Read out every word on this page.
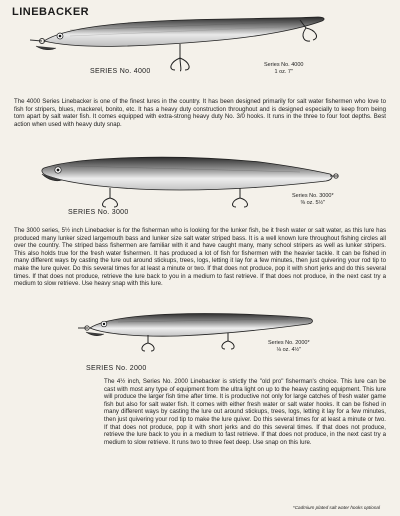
LINEBACKER
SERIES No. 4000
Series No. 4000
1 oz. 7"

The 4000 Series Linebacker is one of the finest lures in the country. It has been designed primarily for salt water fishermen who love to fish for stripers, blues, mackerel, bonito, etc. It has a heavy duty construction throughout and is designed especially to keep from being torn apart by salt water fish. It comes equipped with extra-strong heavy duty No. 3/0 hooks. It runs in the three to four foot depths. Best action when used with heavy duty snap.

SERIES No. 3000
Series No. 3000*
⅜ oz. 5½"

The 3000 series, 5½ inch Linebacker is for the fisherman who is looking for the lunker fish, be it fresh water or salt water, as this lure has produced many lunker sized largemouth bass and lunker size salt water striped bass. It is a well known lure throughout fishing circles all over the country. The striped bass fishermen are familiar with it and have caught many, many school stripers as well as lunker stripers. This also holds true for the fresh water fishermen. It has produced a lot of fish for fishermen with the heavier tackle. It can be fished in many different ways by casting the lure out around stickups, trees, logs, letting it lay for a few minutes, then just quivering your rod tip to make the lure quiver. Do this several times for at least a minute or two. If that does not produce, pop it with short jerks and do this several times. If that does not produce, retrieve the lure back to you in a medium to fast retrieve. If that does not produce, in the next cast try a medium to slow retrieve. Use heavy snap with this lure.

SERIES No. 2000
Series No. 2000*
⅛ oz. 4½"

The 4½ inch, Series No. 2000 Linebacker is strictly the "old pro" fisherman's choice. This lure can be cast with most any type of equipment from the ultra light on up to the heavy casting equipment. This lure will produce the larger fish time after time. It is productive not only for large catches of fresh water game fish but also for salt water fish. It comes with either fresh water or salt water hooks. It can be fished in many different ways by casting the lure out around stickups, trees, logs, letting it lay for a few minutes, then just quivering your rod tip to make the lure quiver. Do this several times for at least a minute or two. If that does not produce, pop it with short jerks and do this several times. If that does not produce, retrieve the lure back to you in a medium to fast retrieve. If that does not produce, in the next cast try a medium to slow retrieve. It runs two to three feet deep. Use snap on this lure.

*Cadmium plated salt water hooks optional
